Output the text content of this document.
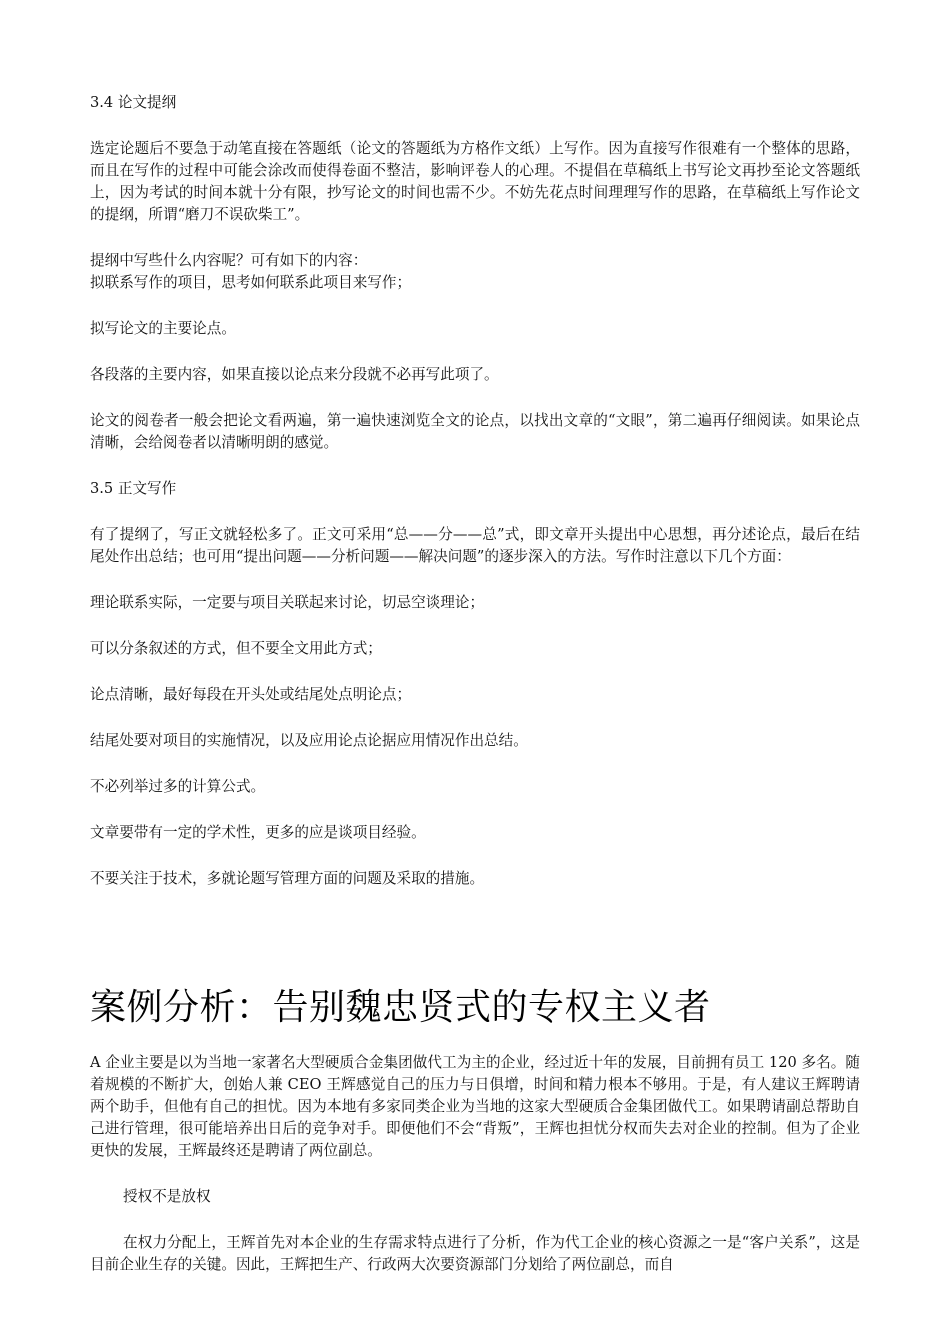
3.4 论文提纲

选定论题后不要急于动笔直接在答题纸（论文的答题纸为方格作文纸）上写作。因为直接写作很难有一个整体的思路，而且在写作的过程中可能会涂改而使得卷面不整洁，影响评卷人的心理。不提倡在草稿纸上书写论文再抄至论文答题纸上，因为考试的时间本就十分有限，抄写论文的时间也需不少。不妨先花点时间理理写作的思路，在草稿纸上写作论文的提纲，所谓“磨刀不误砍柴工”。

提纲中写些什么内容呢？可有如下的内容：

拟联系写作的项目，思考如何联系此项目来写作；

拟写论文的主要论点。

各段落的主要内容，如果直接以论点来分段就不必再写此项了。

论文的阅卷者一般会把论文看两遍，第一遍快速浏览全文的论点，以找出文章的“文眼”，第二遍再仔细阅读。如果论点清晰，会给阅卷者以清晰明朗的感觉。

3.5 正文写作

有了提纲了，写正文就轻松多了。正文可采用“总——分——总”式，即文章开头提出中心思想，再分述论点，最后在结尾处作出总结；也可用“提出问题——分析问题——解决问题”的逐步深入的方法。写作时注意以下几个方面：

理论联系实际，一定要与项目关联起来讨论，切忌空谈理论；

可以分条叙述的方式，但不要全文用此方式；

论点清晰，最好每段在开头处或结尾处点明论点；

结尾处要对项目的实施情况，以及应用论点论据应用情况作出总结。

不必列举过多的计算公式。

文章要带有一定的学术性，更多的应是谈项目经验。

不要关注于技术，多就论题写管理方面的问题及采取的措施。

案例分析：告别魏忠贤式的专权主义者

A 企业主要是以为当地一家著名大型硬质合金集团做代工为主的企业，经过近十年的发展，目前拥有员工 120 多名。随着规模的不断扩大，创始人兼 CEO 王辉感觉自己的压力与日俱增，时间和精力根本不够用。于是，有人建议王辉聘请两个助手，但他有自己的担忧。因为本地有多家同类企业为当地的这家大型硬质合金集团做代工。如果聘请副总帮助自己进行管理，很可能培养出日后的竞争对手。即便他们不会“背叛”，王辉也担忧分权而失去对企业的控制。但为了企业更快的发展，王辉最终还是聘请了两位副总。

授权不是放权

在权力分配上，王辉首先对本企业的生存需求特点进行了分析，作为代工企业的核心资源之一是“客户关系”，这是目前企业生存的关键。因此，王辉把生产、行政两大次要资源部门分划给了两位副总，而自
